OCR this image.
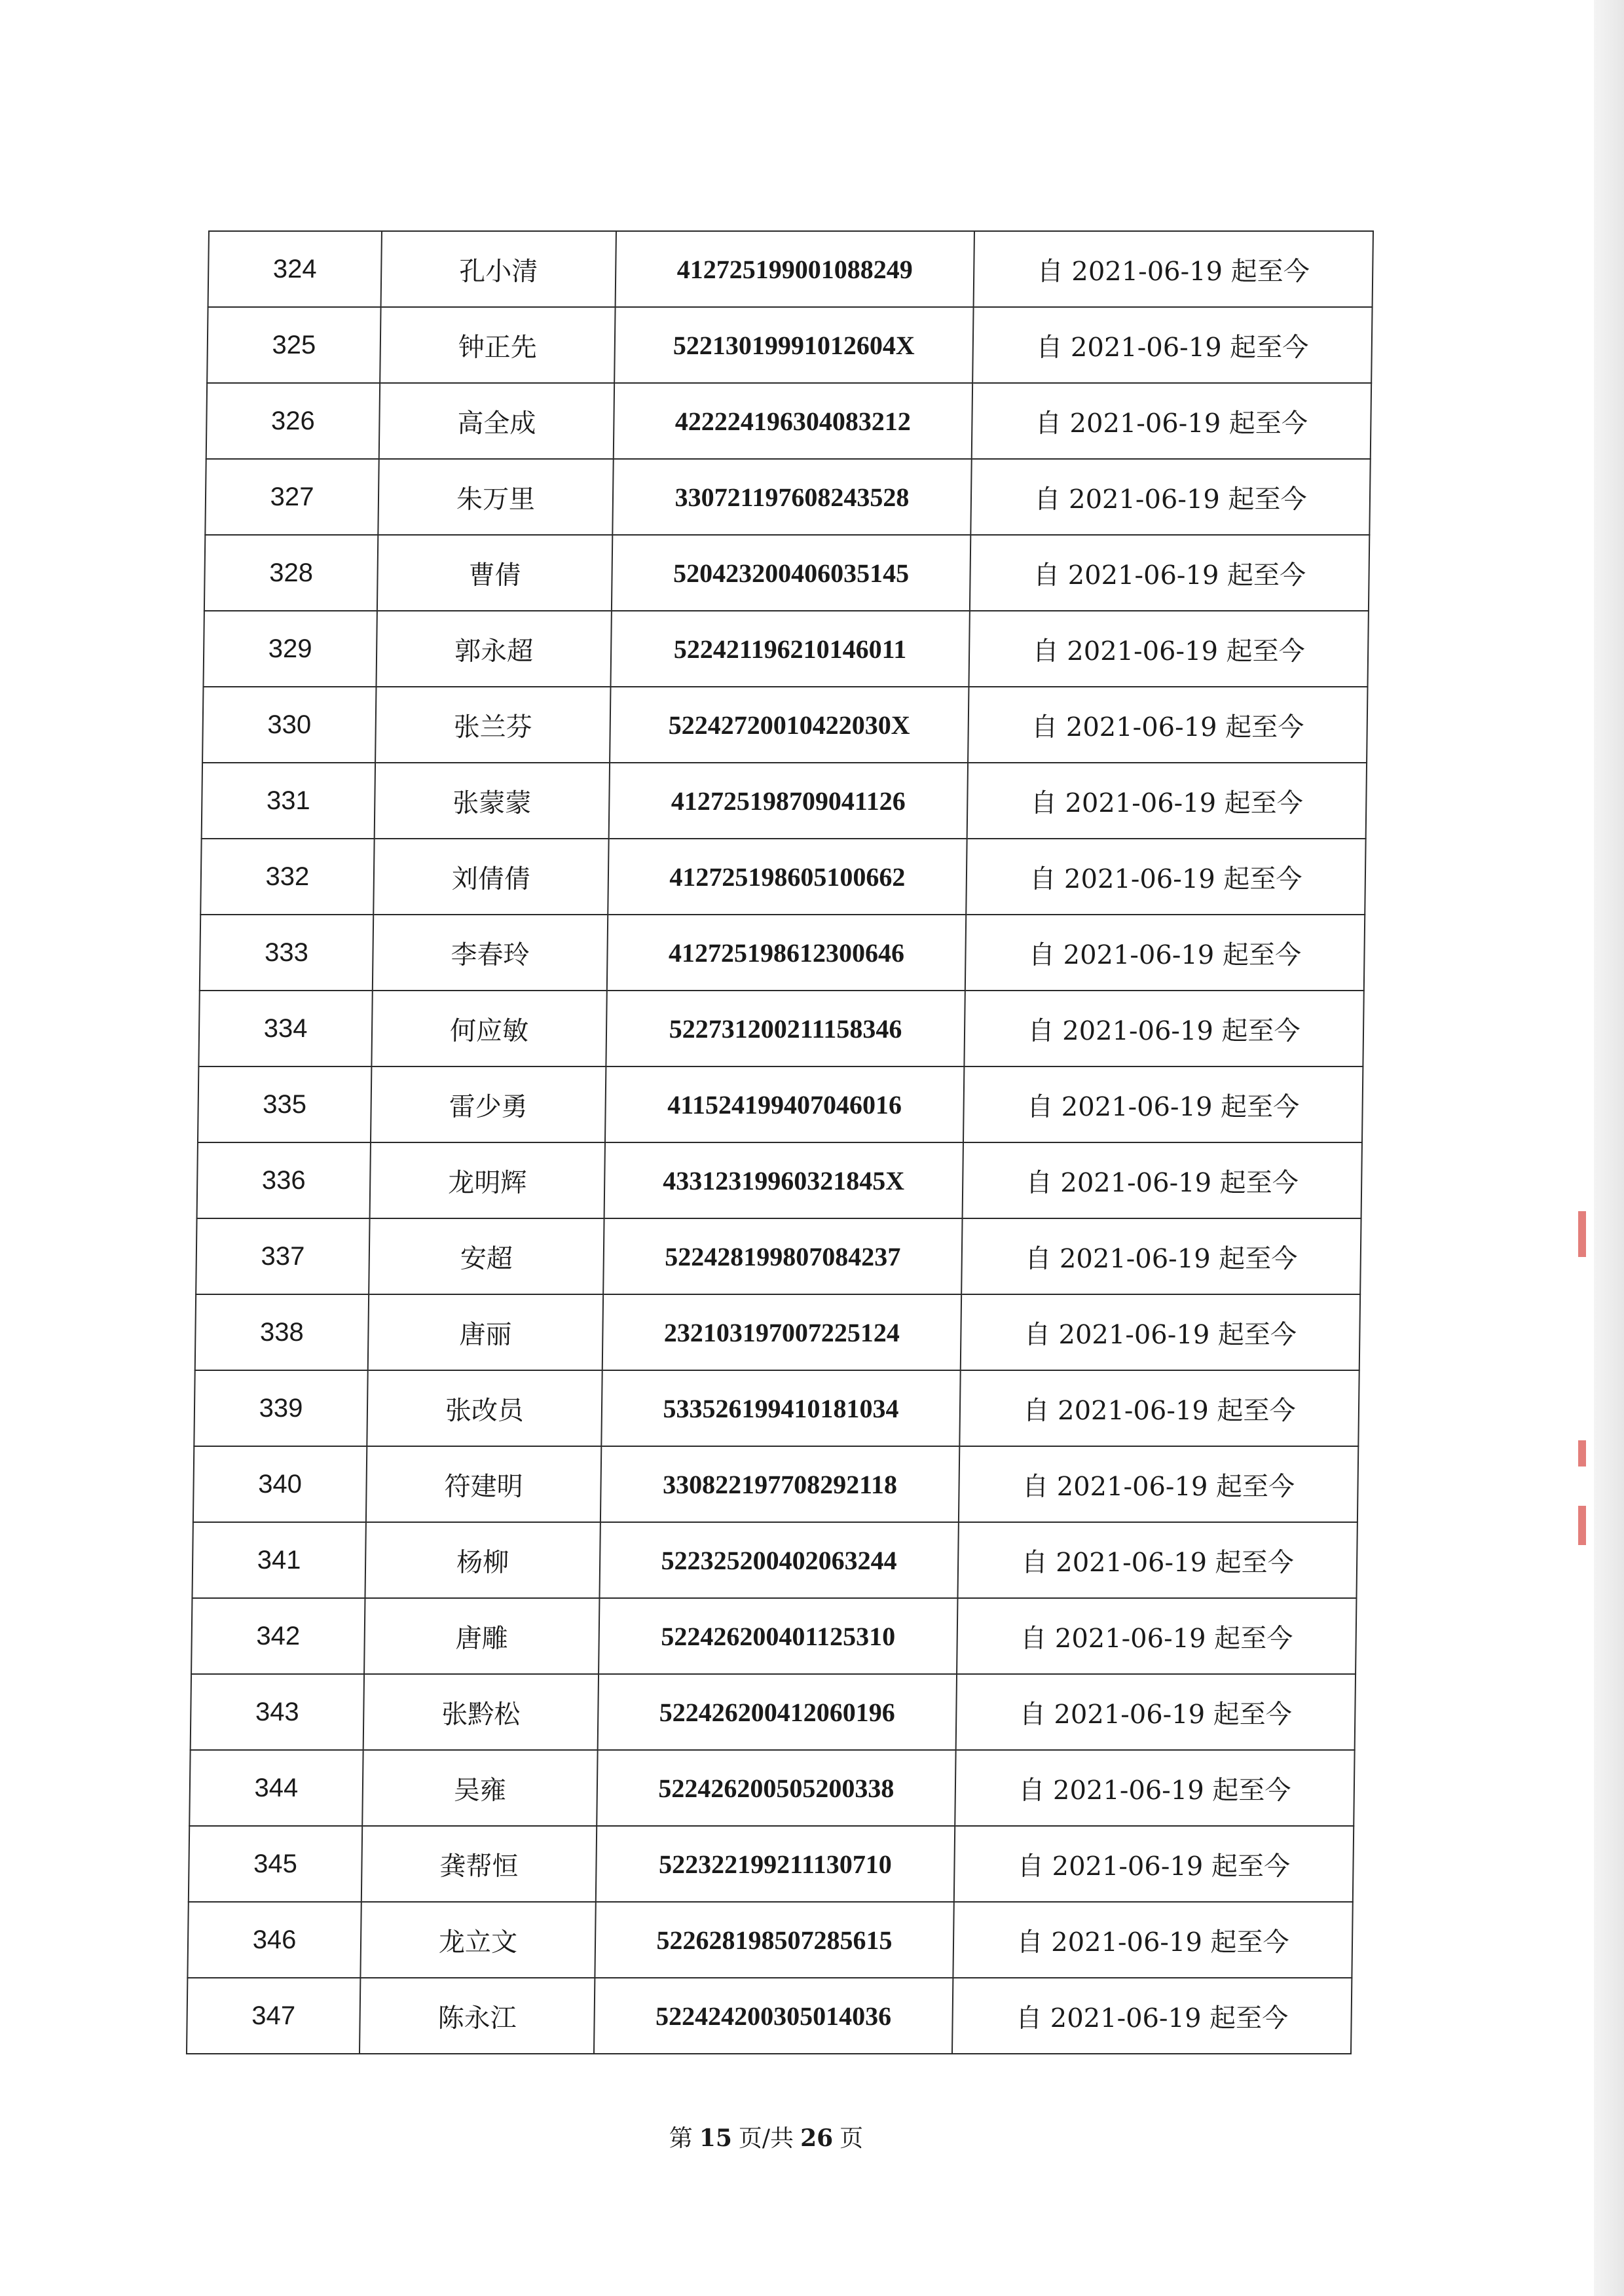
324	孔小清	412725199001088249	自 2021-06-19 起至今
325	钟正先	52213019991012604X	自 2021-06-19 起至今
326	高全成	422224196304083212	自 2021-06-19 起至今
327	朱万里	330721197608243528	自 2021-06-19 起至今
328	曹倩	520423200406035145	自 2021-06-19 起至今
329	郭永超	522421196210146011	自 2021-06-19 起至今
330	张兰芬	52242720010422030X	自 2021-06-19 起至今
331	张蒙蒙	412725198709041126	自 2021-06-19 起至今
332	刘倩倩	412725198605100662	自 2021-06-19 起至今
333	李春玲	412725198612300646	自 2021-06-19 起至今
334	何应敏	522731200211158346	自 2021-06-19 起至今
335	雷少勇	411524199407046016	自 2021-06-19 起至今
336	龙明辉	43312319960321845X	自 2021-06-19 起至今
337	安超	522428199807084237	自 2021-06-19 起至今
338	唐丽	232103197007225124	自 2021-06-19 起至今
339	张改员	533526199410181034	自 2021-06-19 起至今
340	符建明	330822197708292118	自 2021-06-19 起至今
341	杨柳	522325200402063244	自 2021-06-19 起至今
342	唐雕	522426200401125310	自 2021-06-19 起至今
343	张黔松	522426200412060196	自 2021-06-19 起至今
344	吴雍	522426200505200338	自 2021-06-19 起至今
345	龚帮恒	522322199211130710	自 2021-06-19 起至今
346	龙立文	522628198507285615	自 2021-06-19 起至今
347	陈永江	522424200305014036	自 2021-06-19 起至今
第 15 页/共 26 页
